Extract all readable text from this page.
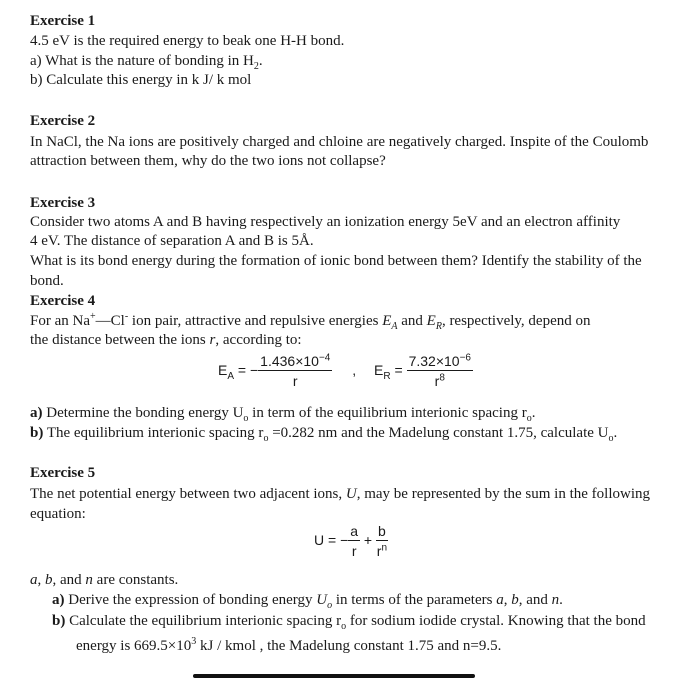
Exercise 1
4.5 eV is the required energy to beak one H-H bond.
a) What is the nature of bonding in $H_2$.
b) Calculate this energy in k J/ k mol
Exercise 2
In NaCl, the Na ions are positively charged and chloine are negatively charged. Inspite of the Coulomb
attraction between them, why do the two ions not collapse?
Exercise 3
Consider two atoms A and B having respectively an ionization energy 5eV and an electron affinity
4 eV. The distance of separation A and B is 5Å.
What is its bond energy during the formation of ionic bond between them? Identify the stability of the
bond.
Exercise 4
For an Na+—Cl- ion pair, attractive and repulsive energies $E_A$ and $E_R$, respectively, depend on
the distance between the ions r, according to:
$E_A$ = − $\frac{1.436\times 10^{-4}}{r}$ , $E_R = \frac{7.32\times 10^{-6}}{r^8}$
a) Determine the bonding energy $U_o$ in term of the equilibrium interionic spacing $r_o$.
b) The equilibrium interionic spacing $r_o =0.282$ nm and the Madelung constant 1.75, calculate $U_o$.
Exercise 5
The net potential energy between two adjacent ions, U, may be represented by the sum in the following
equation:
U = − $\frac{a}{r} + \frac{b}{r^n}$
a, b, and n are constants.
a) Derive the expression of bonding energy $U_o$ in terms of the parameters a, b, and n.
b) Calculate the equilibrium interionic spacing $r_o$ for sodium iodide crystal. Knowing that the bond
energy is $669.5\times 10^3$ kJ / kmol , the Madelung constant 1.75 and n=9.5.
